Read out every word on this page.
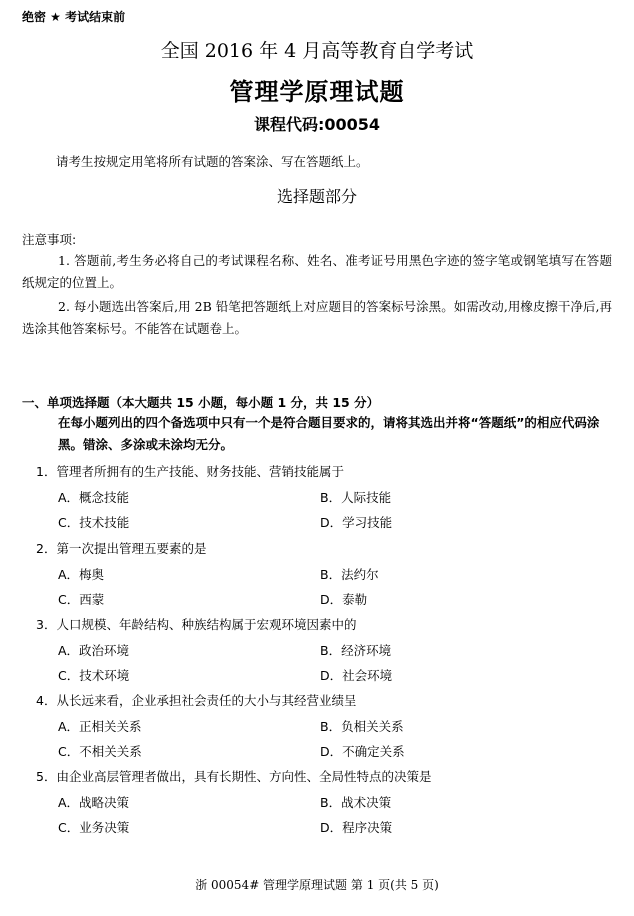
绝密 ★ 考试结束前
全国 2016 年 4 月高等教育自学考试
管理学原理试题
课程代码:00054
请考生按规定用笔将所有试题的答案涂、写在答题纸上。
选择题部分
注意事项:
1. 答题前,考生务必将自己的考试课程名称、姓名、准考证号用黑色字迹的签字笔或钢笔填写在答题纸规定的位置上。
2. 每小题选出答案后,用 2B 铅笔把答题纸上对应题目的答案标号涂黑。如需改动,用橡皮擦干净后,再选涂其他答案标号。不能答在试题卷上。
一、单项选择题（本大题共 15 小题，每小题 1 分，共 15 分）
在每小题列出的四个备选项中只有一个是符合题目要求的，请将其选出并将“答题纸”的相应代码涂黑。错涂、多涂或未涂均无分。
1．管理者所拥有的生产技能、财务技能、营销技能属于
A．概念技能	B．人际技能
C．技术技能	D．学习技能
2．第一次提出管理五要素的是
A．梅奥	B．法约尔
C．西蒙	D．泰勒
3．人口规模、年龄结构、种族结构属于宏观环境因素中的
A．政治环境	B．经济环境
C．技术环境	D．社会环境
4．从长远来看，企业承担社会责任的大小与其经营业绩呈
A．正相关关系	B．负相关关系
C．不相关关系	D．不确定关系
5．由企业高层管理者做出，具有长期性、方向性、全局性特点的决策是
A．战略决策	B．战术决策
C．业务决策	D．程序决策
浙 00054# 管理学原理试题 第 1 页(共 5 页)
